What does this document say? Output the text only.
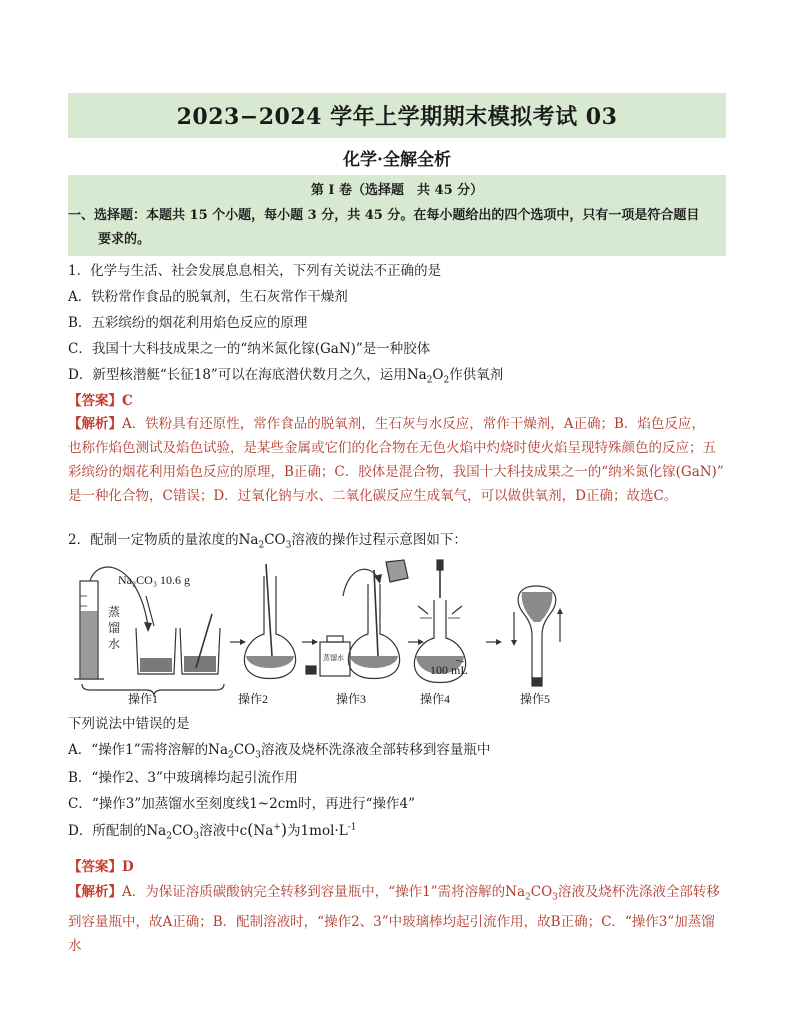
2023−2024 学年上学期期末模拟考试 03
化学·全解全析
第 I 卷（选择题　共 45 分）
一、选择题：本题共 15 个小题，每小题 3 分，共 45 分。在每小题给出的四个选项中，只有一项是符合题目
要求的。
1．化学与生活、社会发展息息相关，下列有关说法不正确的是
A．铁粉常作食品的脱氧剂，生石灰常作干燥剂
B．五彩缤纷的烟花利用焰色反应的原理
C．我国十大科技成果之一的“纳米氮化镓(GaN)”是一种胶体
D．新型核潜艇“长征18”可以在海底潜伏数月之久，运用$Na_2O_2$作供氧剂
【答案】C
【解析】A．铁粉具有还原性，常作食品的脱氧剂，生石灰与水反应，常作干燥剂，A正确；B．焰色反应，
也称作焰色测试及焰色试验，是某些金属或它们的化合物在无色火焰中灼烧时使火焰呈现特殊颜色的反应；五
彩缤纷的烟花利用焰色反应的原理，B正确；C．胶体是混合物，我国十大科技成果之一的“纳米氮化镓(GaN)”
是一种化合物，C错误；D．过氧化钠与水、二氧化碳反应生成氧气，可以做供氧剂，D正确；故选C。
2．配制一定物质的量浓度的$Na_2CO_3$溶液的操作过程示意图如下：
Na₂CO₃ 10.6 g
蒸
馏
水
蒸馏水
100 mL
操作1	操作2	操作3	操作4	操作5
下列说法中错误的是
A．“操作1”需将溶解的$Na_2CO_3$溶液及烧杯洗涤液全部转移到容量瓶中
B．“操作2、3”中玻璃棒均起引流作用
C．“操作3”加蒸馏水至刻度线1~2cm时，再进行“操作4”
D．所配制的$Na_2CO_3$溶液中c(Na+)为$1mol\cdot L^{-1}$
【答案】D
【解析】A．为保证溶质碳酸钠完全转移到容量瓶中，“操作1”需将溶解的$Na_2CO_3$溶液及烧杯洗涤液全部转移
到容量瓶中，故A正确；B．配制溶液时，“操作2、3”中玻璃棒均起引流作用，故B正确；C．“操作3”加蒸馏水
